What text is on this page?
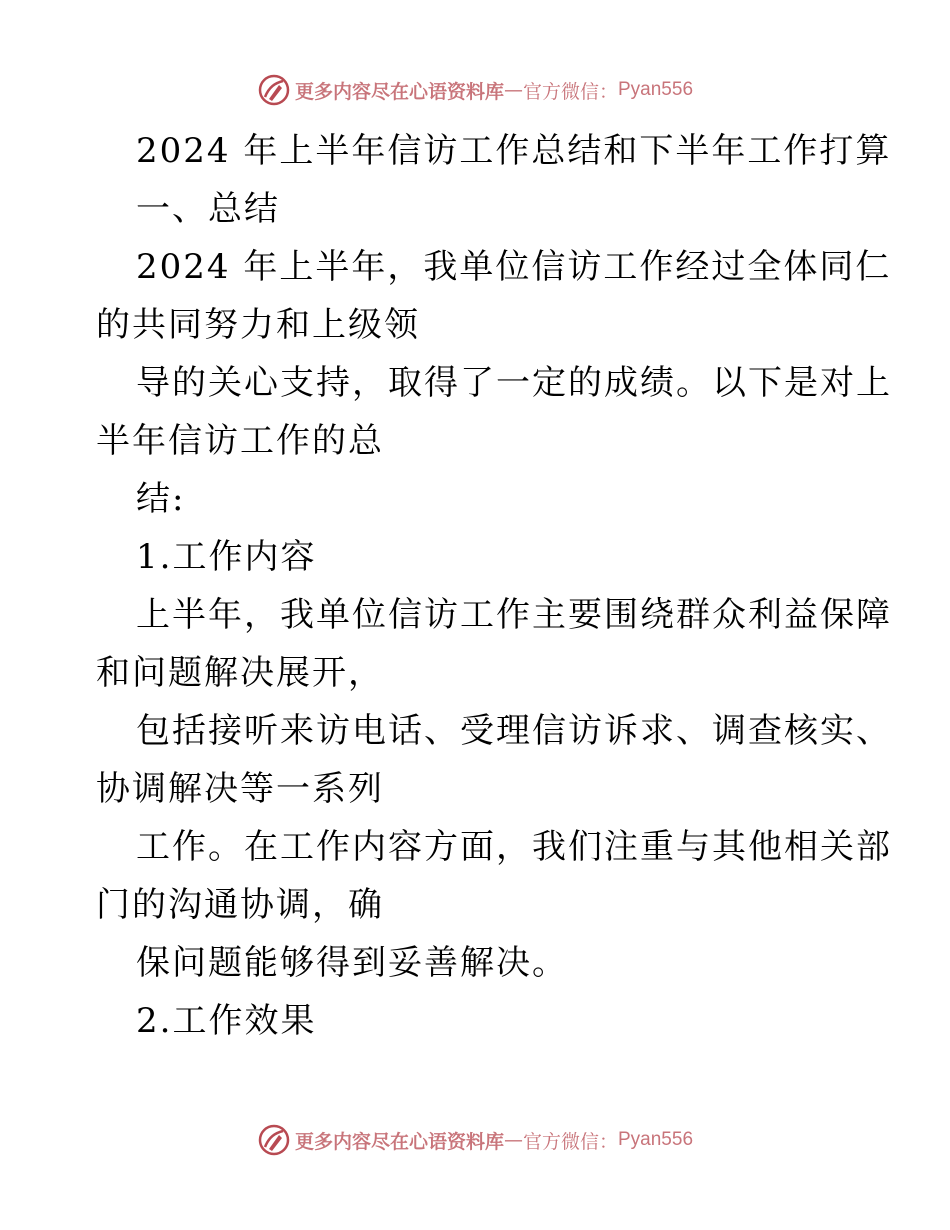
更多内容尽在心语资料库 — 官方微信： Pyan556
2024 年上半年信访工作总结和下半年工作打算
一、总结
2024 年上半年，我单位信访工作经过全体同仁
的共同努力和上级领
导的关心支持，取得了一定的成绩。以下是对上
半年信访工作的总
结:
1.工作内容
上半年，我单位信访工作主要围绕群众利益保障
和问题解决展开，
包括接听来访电话、受理信访诉求、调查核实、
协调解决等一系列
工作。在工作内容方面，我们注重与其他相关部
门的沟通协调，确
保问题能够得到妥善解决。
2.工作效果
更多内容尽在心语资料库 — 官方微信： Pyan556
